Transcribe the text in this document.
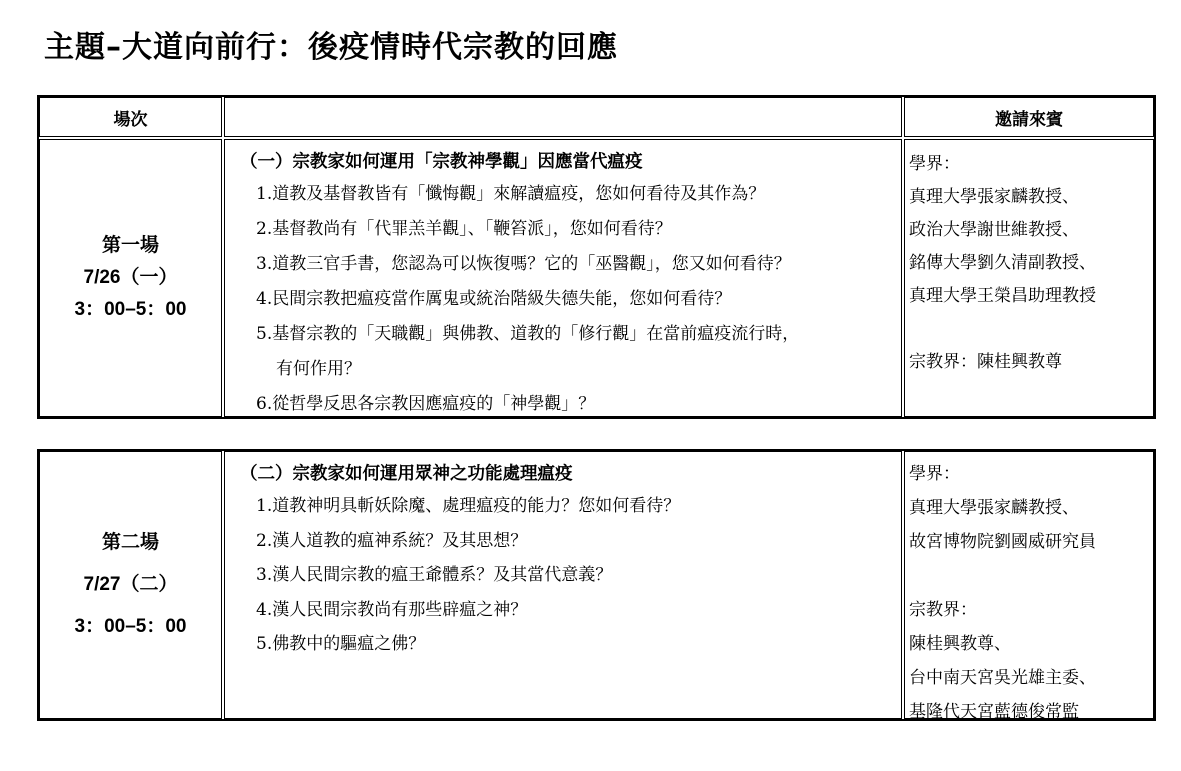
主題–大道向前行：後疫情時代宗教的回應
場次	邀請來賓
第一場
7/26（一）
3：00–5：00
（一）宗教家如何運用「宗教神學觀」因應當代瘟疫
1.道教及基督教皆有「懺悔觀」來解讀瘟疫，您如何看待及其作為？
2.基督教尚有「代罪羔羊觀」、「鞭笞派」，您如何看待？
3.道教三官手書，您認為可以恢復嗎？它的「巫醫觀」，您又如何看待？
4.民間宗教把瘟疫當作厲鬼或統治階級失德失能，您如何看待？
5.基督宗教的「天職觀」與佛教、道教的「修行觀」在當前瘟疫流行時，
有何作用？
6.從哲學反思各宗教因應瘟疫的「神學觀」？
學界：
真理大學張家麟教授、
政治大學謝世維教授、
銘傳大學劉久清副教授、
真理大學王榮昌助理教授
宗教界：陳桂興教尊
第二場
7/27（二）
3：00–5：00
（二）宗教家如何運用眾神之功能處理瘟疫
1.道教神明具斬妖除魔、處理瘟疫的能力？您如何看待？
2.漢人道教的瘟神系統？及其思想？
3.漢人民間宗教的瘟王爺體系？及其當代意義？
4.漢人民間宗教尚有那些辟瘟之神？
5.佛教中的驅瘟之佛？
學界：
真理大學張家麟教授、
故宮博物院劉國威研究員
宗教界：
陳桂興教尊、
台中南天宮吳光雄主委、
基隆代天宮藍德俊常監
